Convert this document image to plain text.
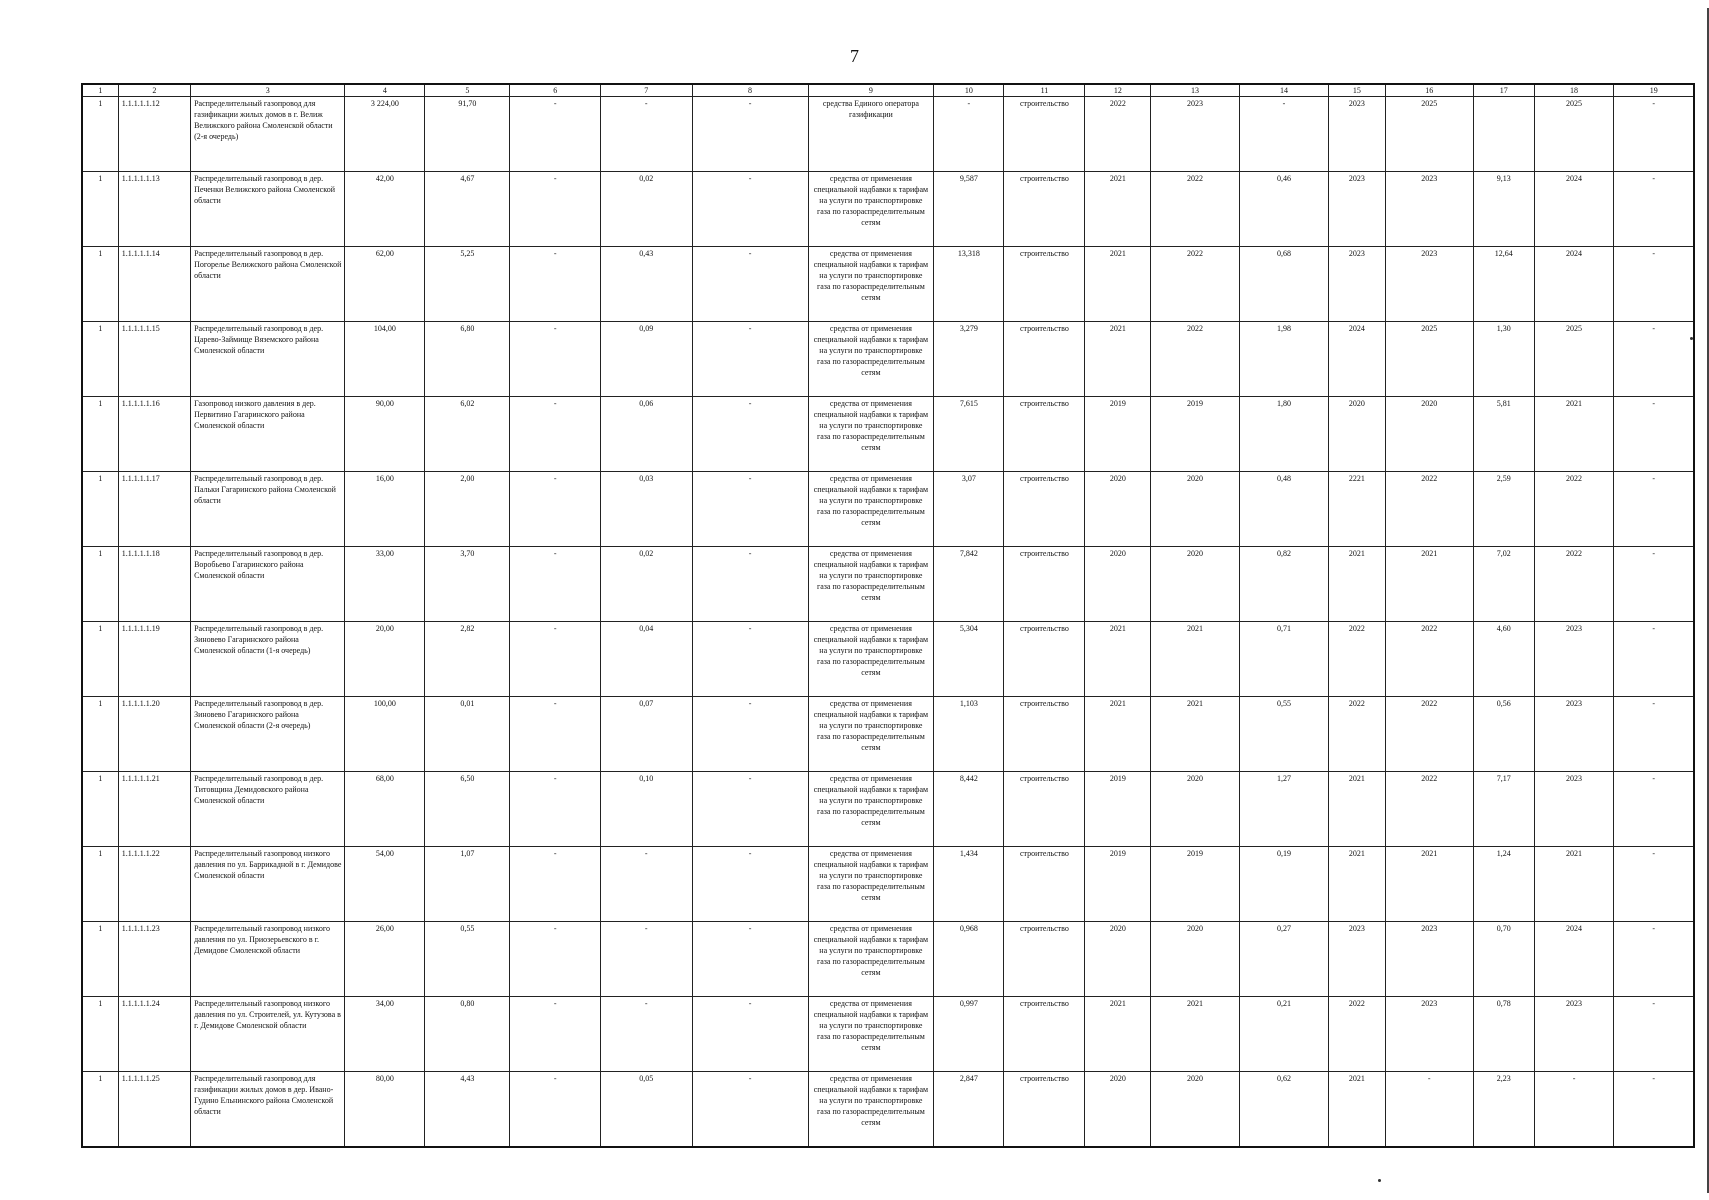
7
1	2	3	4	5	6	7	8	9	10	11	12	13	14	15	16	17	18	19
1	1.1.1.1.1.12	Распределительный газопровод для газификации жилых домов в г. Велиж Велижского района Смоленской области (2-я очередь)	3 224,00	91,70	-	-	-	средства Единого оператора газификации	-	строительство	2022	2023	-	2023	2025		2025	-
1	1.1.1.1.1.13	Распределительный газопровод в дер. Печенки Велижского района Смоленской области	42,00	4,67	-	0,02	-	средства от применения специальной надбавки к тарифам на услуги по транспортировке газа по газораспределительным сетям	9,587	строительство	2021	2022	0,46	2023	2023	9,13	2024	-
1	1.1.1.1.1.14	Распределительный газопровод в дер. Погорелье Велижского района Смоленской области	62,00	5,25	-	0,43	-	средства от применения специальной надбавки к тарифам на услуги по транспортировке газа по газораспределительным сетям	13,318	строительство	2021	2022	0,68	2023	2023	12,64	2024	-
1	1.1.1.1.1.15	Распределительный газопровод в дер. Царево-Займище Вяземского района Смоленской области	104,00	6,80	-	0,09	-	средства от применения специальной надбавки к тарифам на услуги по транспортировке газа по газораспределительным сетям	3,279	строительство	2021	2022	1,98	2024	2025	1,30	2025	-
1	1.1.1.1.1.16	Газопровод низкого давления в дер. Первитино Гагаринского района Смоленской области	90,00	6,02	-	0,06	-	средства от применения специальной надбавки к тарифам на услуги по транспортировке газа по газораспределительным сетям	7,615	строительство	2019	2019	1,80	2020	2020	5,81	2021	-
1	1.1.1.1.1.17	Распределительный газопровод в дер. Пальки Гагаринского района Смоленской области	16,00	2,00	-	0,03	-	средства от применения специальной надбавки к тарифам на услуги по транспортировке газа по газораспределительным сетям	3,07	строительство	2020	2020	0,48	2221	2022	2,59	2022	-
1	1.1.1.1.1.18	Распределительный газопровод в дер. Воробьево Гагаринского района Смоленской области	33,00	3,70	-	0,02	-	средства от применения специальной надбавки к тарифам на услуги по транспортировке газа по газораспределительным сетям	7,842	строительство	2020	2020	0,82	2021	2021	7,02	2022	-
1	1.1.1.1.1.19	Распределительный газопровод в дер. Зиновево Гагаринского района Смоленской области (1-я очередь)	20,00	2,82	-	0,04	-	средства от применения специальной надбавки к тарифам на услуги по транспортировке газа по газораспределительным сетям	5,304	строительство	2021	2021	0,71	2022	2022	4,60	2023	-
1	1.1.1.1.1.20	Распределительный газопровод в дер. Зиновево Гагаринского района Смоленской области (2-я очередь)	100,00	0,01	-	0,07	-	средства от применения специальной надбавки к тарифам на услуги по транспортировке газа по газораспределительным сетям	1,103	строительство	2021	2021	0,55	2022	2022	0,56	2023	-
1	1.1.1.1.1.21	Распределительный газопровод в дер. Титовщина Демидовского района Смоленской области	68,00	6,50	-	0,10	-	средства от применения специальной надбавки к тарифам на услуги по транспортировке газа по газораспределительным сетям	8,442	строительство	2019	2020	1,27	2021	2022	7,17	2023	-
1	1.1.1.1.1.22	Распределительный газопровод низкого давления по ул. Баррикадной в г. Демидове Смоленской области	54,00	1,07	-	-	-	средства от применения специальной надбавки к тарифам на услуги по транспортировке газа по газораспределительным сетям	1,434	строительство	2019	2019	0,19	2021	2021	1,24	2021	-
1	1.1.1.1.1.23	Распределительный газопровод низкого давления по ул. Приозерьевского в г. Демидове Смоленской области	26,00	0,55	-	-	-	средства от применения специальной надбавки к тарифам на услуги по транспортировке газа по газораспределительным сетям	0,968	строительство	2020	2020	0,27	2023	2023	0,70	2024	-
1	1.1.1.1.1.24	Распределительный газопровод низкого давления по ул. Строителей, ул. Кутузова в г. Демидове Смоленской области	34,00	0,80	-	-	-	средства от применения специальной надбавки к тарифам на услуги по транспортировке газа по газораспределительным сетям	0,997	строительство	2021	2021	0,21	2022	2023	0,78	2023	-
1	1.1.1.1.1.25	Распределительный газопровод для газификации жилых домов в дер. Ивано-Гудино Ельнинского района Смоленской области	80,00	4,43	-	0,05	-	средства от применения специальной надбавки к тарифам на услуги по транспортировке газа по газораспределительным сетям	2,847	строительство	2020	2020	0,62	2021	-	2,23	-	-
